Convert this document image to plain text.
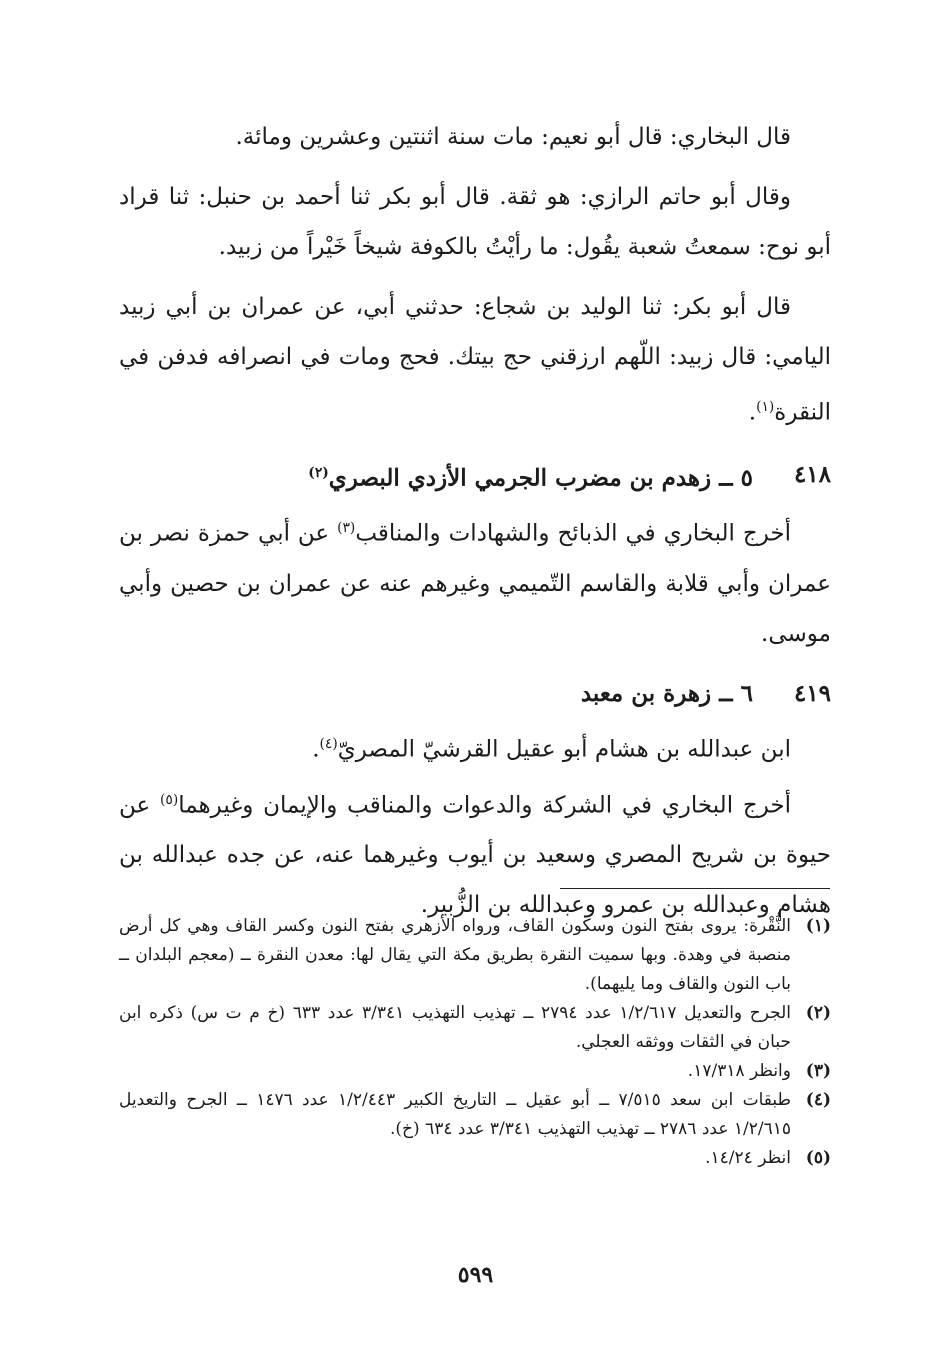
قال البخاري: قال أبو نعيم: مات سنة اثنتين وعشرين ومائة.

وقال أبو حاتم الرازي: هو ثقة. قال أبو بكر ثنا أحمد بن حنبل: ثنا قراد أبو نوح: سمعتُ شعبة يقُول: ما رأيْتُ بالكوفة شيخاً خَيْراً من زبيد.

قال أبو بكر: ثنا الوليد بن شجاع: حدثني أبي، عن عمران بن أبي زبيد اليامي: قال زبيد: اللّهم ارزقني حج بيتك. فحج ومات في انصرافه فدفن في النقرة$^{(١)}$.

٤١٨
٥ ــ زهدم بن مضرب الجرمي الأزدي البصري$^{(٢)}$

أخرج البخاري في الذبائح والشهادات والمناقب$^{(٣)}$ عن أبي حمزة نصر بن عمران وأبي قلابة والقاسم التّميمي وغيرهم عنه عن عمران بن حصين وأبي موسى.

٤١٩
٦ ــ زهرة بن معبد

ابن عبدالله بن هشام أبو عقيل القرشيّ المصريّ$^{(٤)}$.

أخرج البخاري في الشركة والدعوات والمناقب والإيمان وغيرهما$^{(٥)}$ عن حيوة بن شريح المصري وسعيد بن أيوب وغيرهما عنه، عن جده عبدالله بن هشام وعبدالله بن عمرو وعبدالله بن الزُّبير.

(١)
النُّقْرة: يروى بفتح النون وسكون القاف، ورواه الأزهري بفتح النون وكسر القاف وهي كل أرض منصبة في وهدة. وبها سميت النقرة بطريق مكة التي يقال لها: معدن النقرة ــ (معجم البلدان ــ باب النون والقاف وما يليهما).
(٢)
الجرح والتعديل ١/٢/٦١٧ عدد ٢٧٩٤ ــ تهذيب التهذيب ٣/٣٤١ عدد ٦٣٣ (خ م ت س) ذكره ابن حبان في الثقات ووثقه العجلي.
(٣)
وانظر ١٧/٣١٨.
(٤)
طبقات ابن سعد ٧/٥١٥ ــ أبو عقيل ــ التاريخ الكبير ١/٢/٤٤٣ عدد ١٤٧٦ ــ الجرح والتعديل ١/٢/٦١٥ عدد ٢٧٨٦ ــ تهذيب التهذيب ٣/٣٤١ عدد ٦٣٤ (خ).
(٥)
انظر ١٤/٢٤.
٥٩٩
